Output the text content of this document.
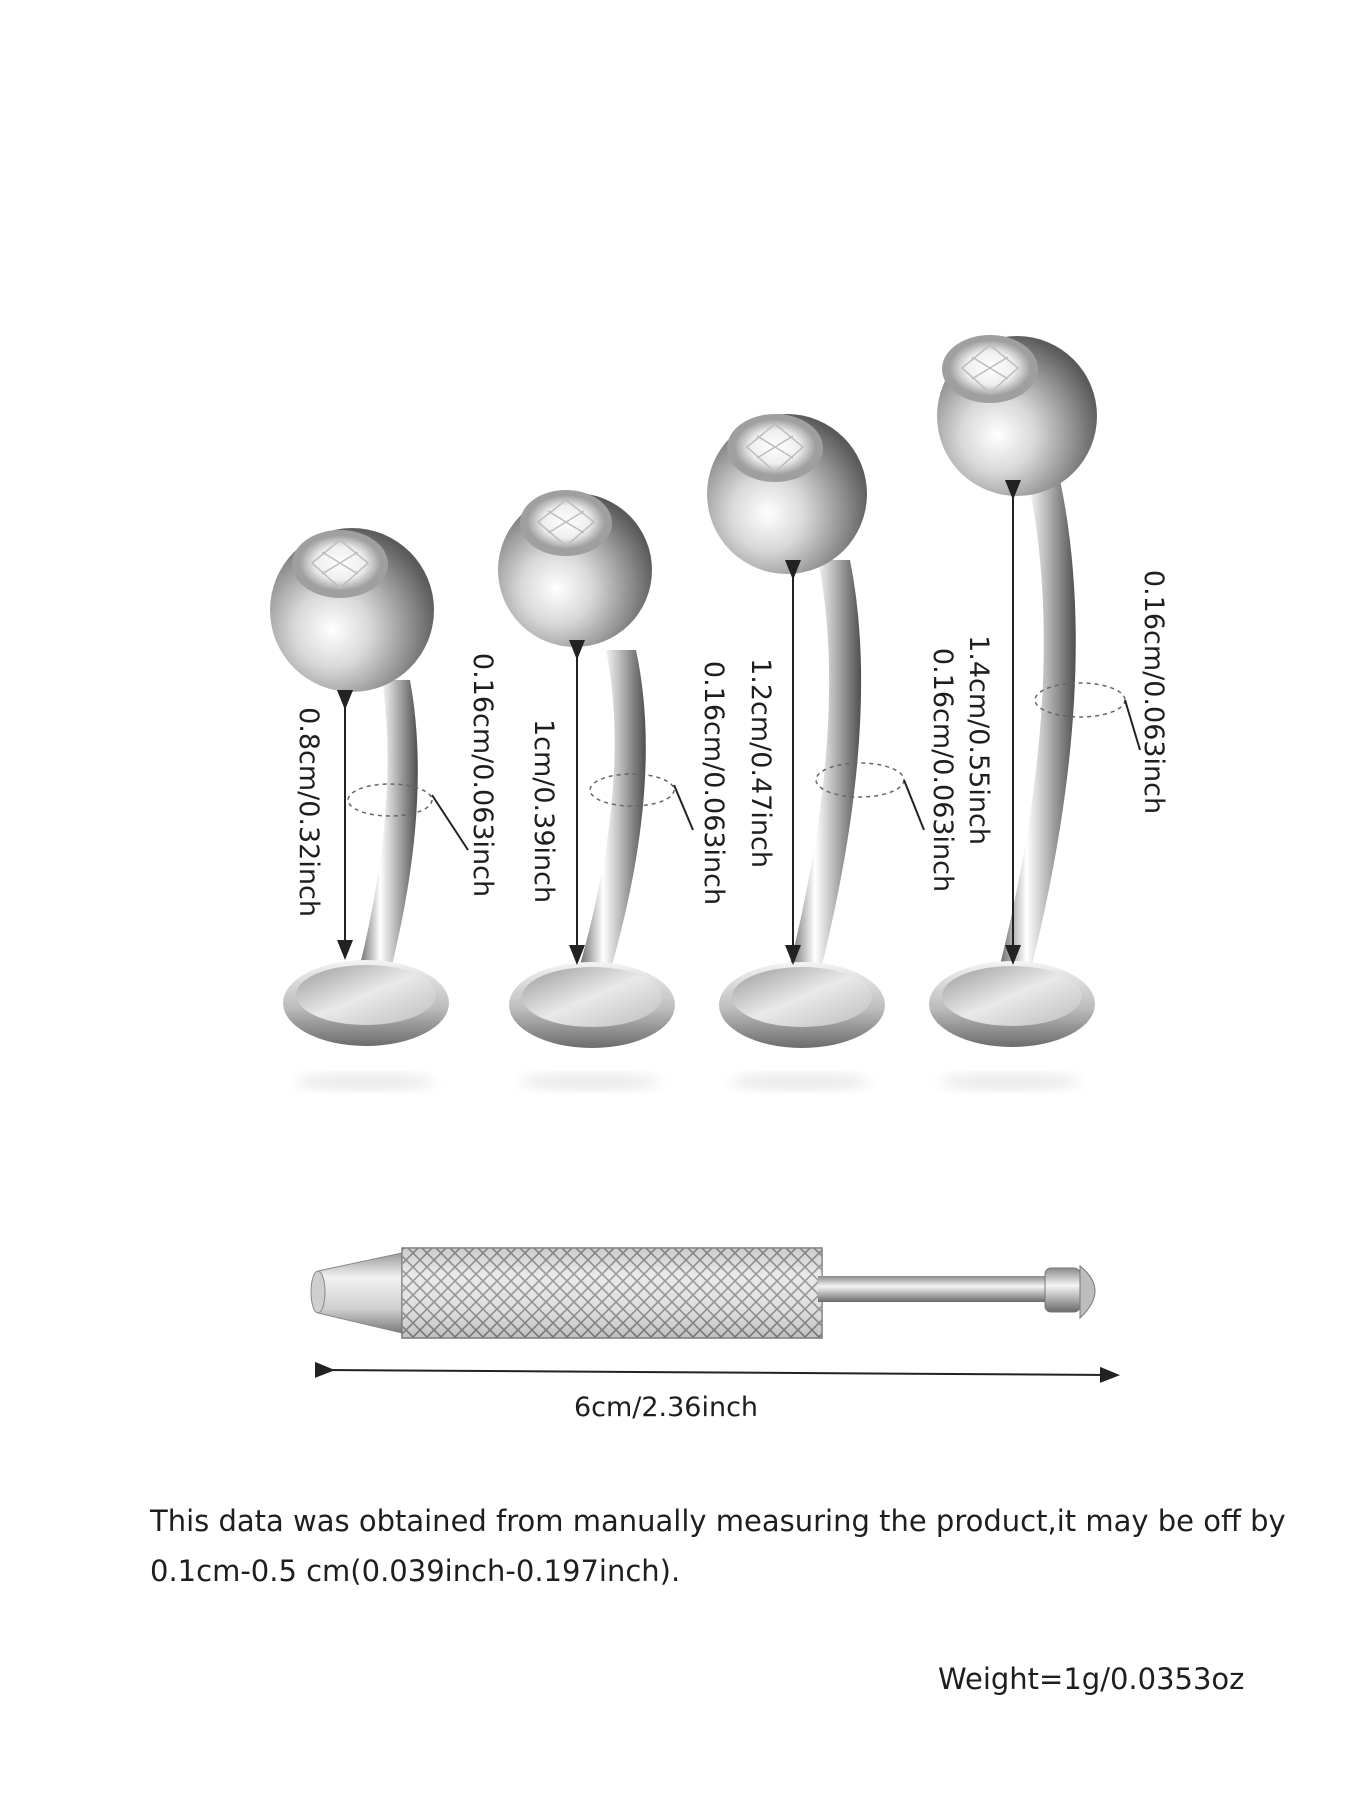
0.8cm/0.32inch	0.16cm/0.063inch 1cm/0.39inch	0.16cm/0.063inch 1.2cm/0.47inch	0.16cm/0.063inch 1.4cm/0.55inch	0.16cm/0.063inch
6cm/2.36inch
This data was obtained from manually measuring the product,it may be off by 0.1cm-0.5 cm(0.039inch-0.197inch).
Weight=1g/0.0353oz
